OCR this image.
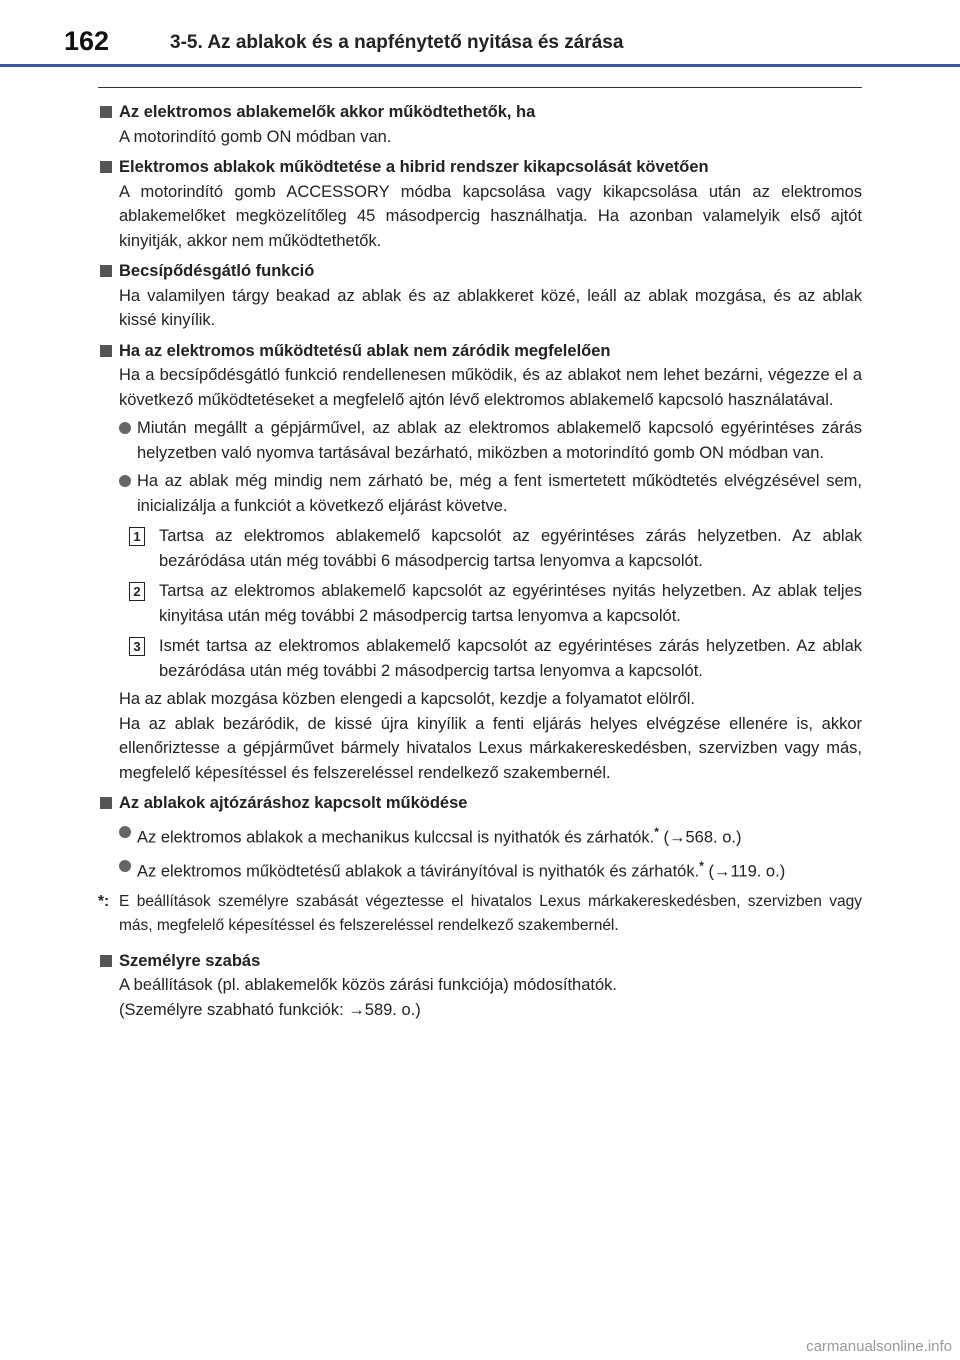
162	3-5. Az ablakok és a napfénytető nyitása és zárása
Az elektromos ablakemelők akkor működtethetők, ha
A motorindító gomb ON módban van.
Elektromos ablakok működtetése a hibrid rendszer kikapcsolását követően
A motorindító gomb ACCESSORY módba kapcsolása vagy kikapcsolása után az elektromos ablakemelőket megközelítőleg 45 másodpercig használhatja. Ha azonban valamelyik első ajtót kinyitják, akkor nem működtethetők.
Becsípődésgátló funkció
Ha valamilyen tárgy beakad az ablak és az ablakkeret közé, leáll az ablak mozgása, és az ablak kissé kinyílik.
Ha az elektromos működtetésű ablak nem záródik megfelelően
Ha a becsípődésgátló funkció rendellenesen működik, és az ablakot nem lehet bezárni, végezze el a következő működtetéseket a megfelelő ajtón lévő elektromos ablakemelő kapcsoló használatával.
Miután megállt a gépjárművel, az ablak az elektromos ablakemelő kapcsoló egyérintéses zárás helyzetben való nyomva tartásával bezárható, miközben a motorindító gomb ON módban van.
Ha az ablak még mindig nem zárható be, még a fent ismertetett működtetés elvégzésével sem, inicializálja a funkciót a következő eljárást követve.
1 Tartsa az elektromos ablakemelő kapcsolót az egyérintéses zárás helyzetben. Az ablak bezáródása után még további 6 másodpercig tartsa lenyomva a kapcsolót.
2 Tartsa az elektromos ablakemelő kapcsolót az egyérintéses nyitás helyzetben. Az ablak teljes kinyitása után még további 2 másodpercig tartsa lenyomva a kapcsolót.
3 Ismét tartsa az elektromos ablakemelő kapcsolót az egyérintéses zárás helyzetben. Az ablak bezáródása után még további 2 másodpercig tartsa lenyomva a kapcsolót.
Ha az ablak mozgása közben elengedi a kapcsolót, kezdje a folyamatot elölről.
Ha az ablak bezáródik, de kissé újra kinyílik a fenti eljárás helyes elvégzése ellenére is, akkor ellenőriztesse a gépjárművet bármely hivatalos Lexus márkakereskedésben, szervizben vagy más, megfelelő képesítéssel és felszereléssel rendelkező szakembernél.
Az ablakok ajtózáráshoz kapcsolt működése
Az elektromos ablakok a mechanikus kulccsal is nyithatók és zárhatók.* (→568. o.)
Az elektromos működtetésű ablakok a távirányítóval is nyithatók és zárhatók.* (→119. o.)
*: E beállítások személyre szabását végeztesse el hivatalos Lexus márkakereskedésben, szervizben vagy más, megfelelő képesítéssel és felszereléssel rendelkező szakembernél.
Személyre szabás
A beállítások (pl. ablakemelők közös zárási funkciója) módosíthatók.
(Személyre szabható funkciók: →589. o.)
carmanualsonline.info
